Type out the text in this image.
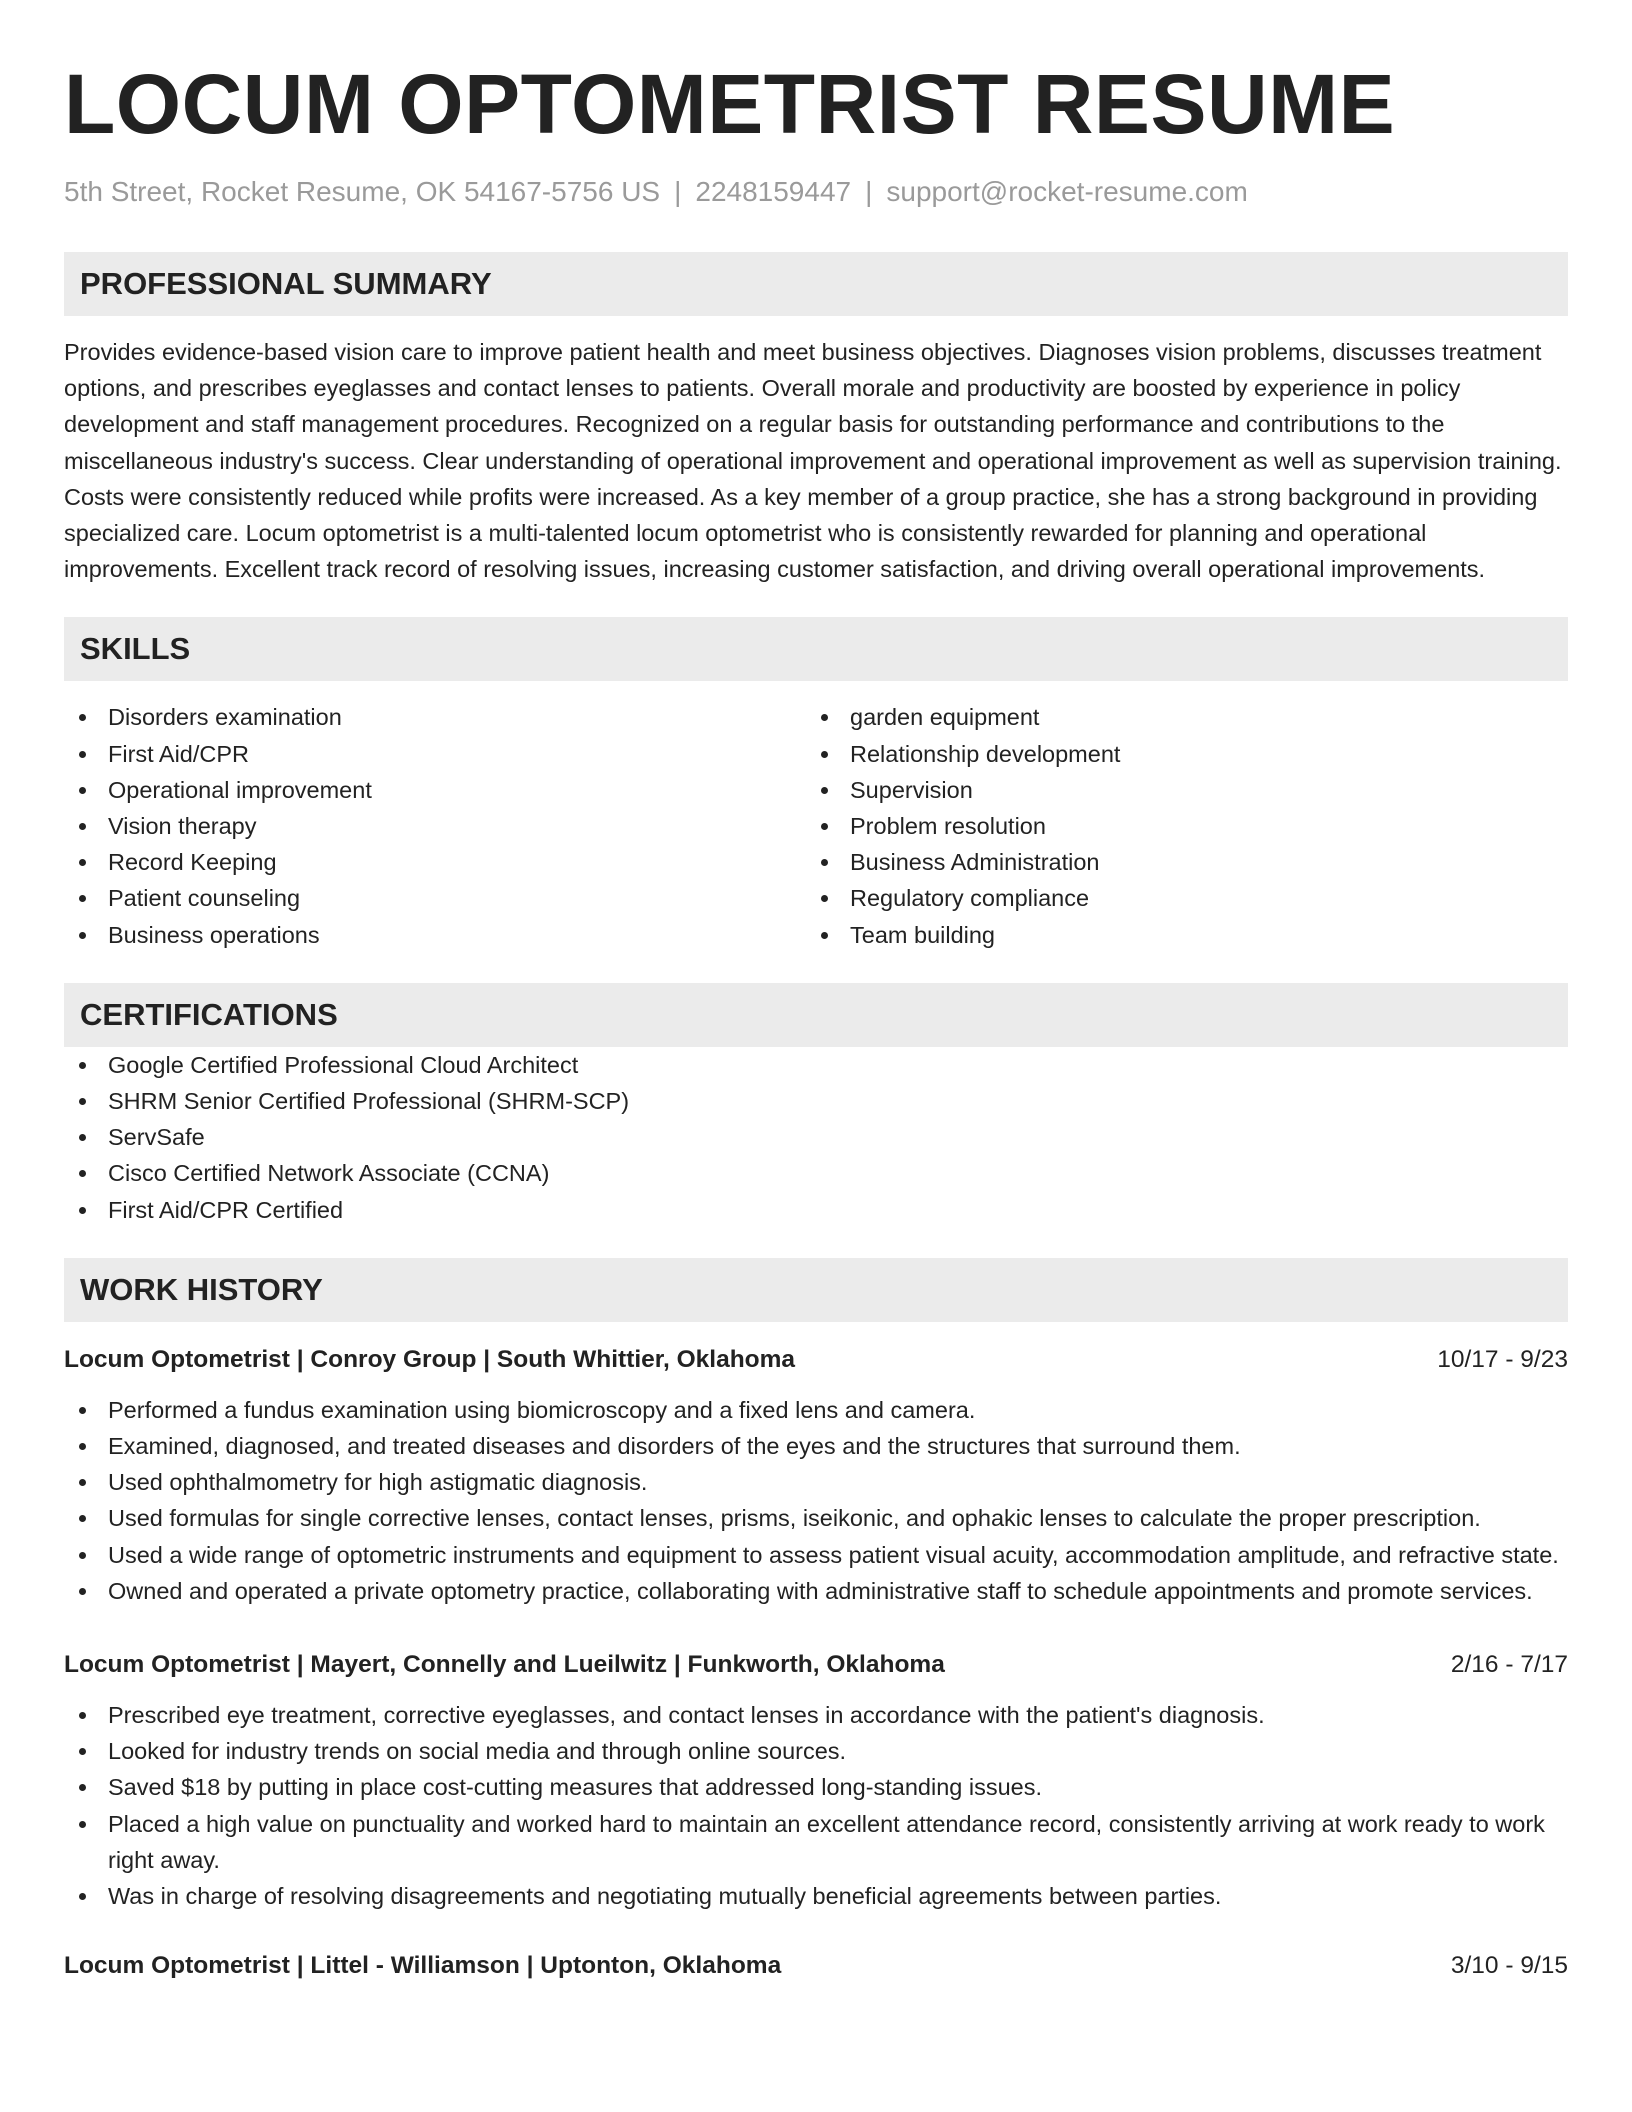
LOCUM OPTOMETRIST RESUME
5th Street, Rocket Resume, OK 54167-5756 US | 2248159447 | support@rocket-resume.com
PROFESSIONAL SUMMARY
Provides evidence-based vision care to improve patient health and meet business objectives. Diagnoses vision problems, discusses treatment options, and prescribes eyeglasses and contact lenses to patients. Overall morale and productivity are boosted by experience in policy development and staff management procedures. Recognized on a regular basis for outstanding performance and contributions to the miscellaneous industry's success. Clear understanding of operational improvement and operational improvement as well as supervision training. Costs were consistently reduced while profits were increased. As a key member of a group practice, she has a strong background in providing specialized care. Locum optometrist is a multi-talented locum optometrist who is consistently rewarded for planning and operational improvements. Excellent track record of resolving issues, increasing customer satisfaction, and driving overall operational improvements.
SKILLS
Disorders examination
First Aid/CPR
Operational improvement
Vision therapy
Record Keeping
Patient counseling
Business operations
garden equipment
Relationship development
Supervision
Problem resolution
Business Administration
Regulatory compliance
Team building
CERTIFICATIONS
Google Certified Professional Cloud Architect
SHRM Senior Certified Professional (SHRM-SCP)
ServSafe
Cisco Certified Network Associate (CCNA)
First Aid/CPR Certified
WORK HISTORY
Locum Optometrist | Conroy Group | South Whittier, Oklahoma	10/17 - 9/23
Performed a fundus examination using biomicroscopy and a fixed lens and camera.
Examined, diagnosed, and treated diseases and disorders of the eyes and the structures that surround them.
Used ophthalmometry for high astigmatic diagnosis.
Used formulas for single corrective lenses, contact lenses, prisms, iseikonic, and ophakic lenses to calculate the proper prescription.
Used a wide range of optometric instruments and equipment to assess patient visual acuity, accommodation amplitude, and refractive state.
Owned and operated a private optometry practice, collaborating with administrative staff to schedule appointments and promote services.
Locum Optometrist | Mayert, Connelly and Lueilwitz | Funkworth, Oklahoma	2/16 - 7/17
Prescribed eye treatment, corrective eyeglasses, and contact lenses in accordance with the patient's diagnosis.
Looked for industry trends on social media and through online sources.
Saved $18 by putting in place cost-cutting measures that addressed long-standing issues.
Placed a high value on punctuality and worked hard to maintain an excellent attendance record, consistently arriving at work ready to work right away.
Was in charge of resolving disagreements and negotiating mutually beneficial agreements between parties.
Locum Optometrist | Littel - Williamson | Uptonton, Oklahoma	3/10 - 9/15
